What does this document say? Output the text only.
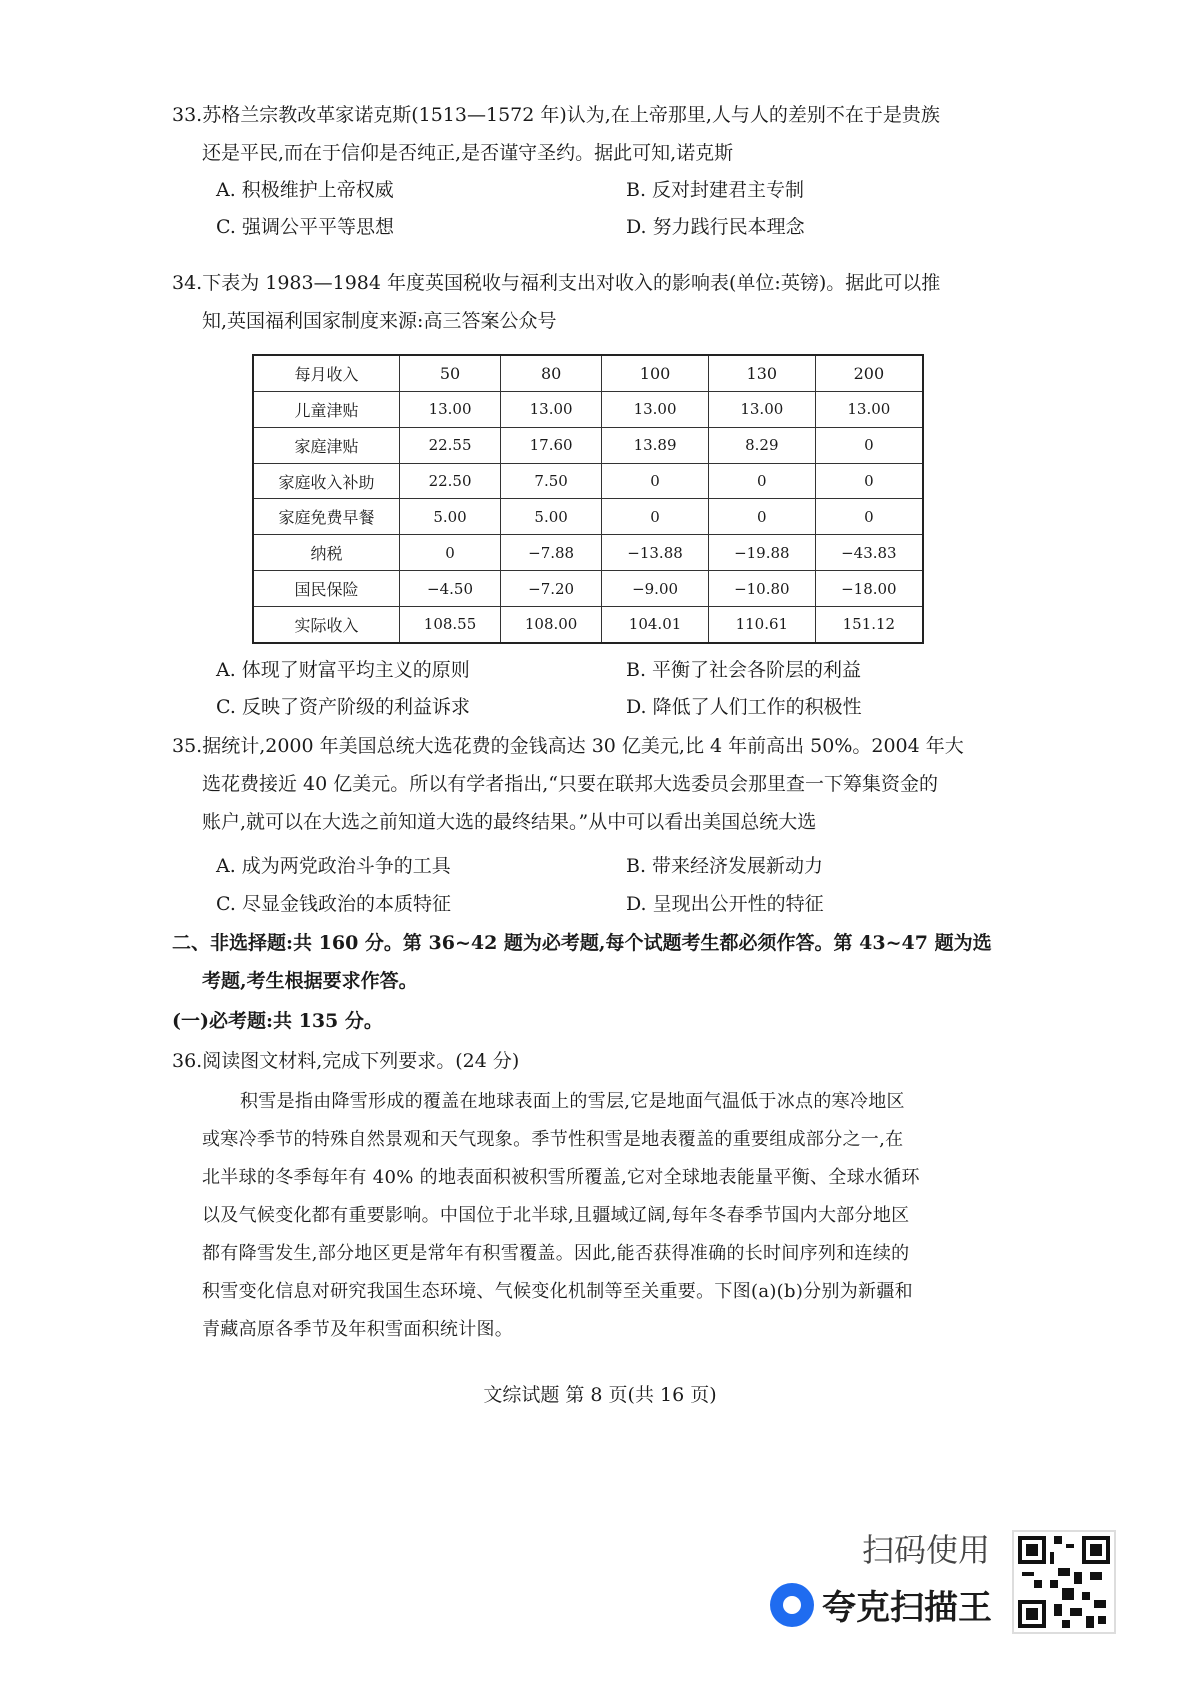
33.苏格兰宗教改革家诺克斯(1513—1572 年)认为,在上帝那里,人与人的差别不在于是贵族
还是平民,而在于信仰是否纯正,是否谨守圣约。据此可知,诺克斯
A. 积极维护上帝权威	B. 反对封建君主专制
C. 强调公平平等思想	D. 努力践行民本理念
34.下表为 1983—1984 年度英国税收与福利支出对收入的影响表(单位:英镑)。据此可以推
知,英国福利国家制度来源:高三答案公众号
每月收入	50	80	100	130	200
儿童津贴	13.00	13.00	13.00	13.00	13.00
家庭津贴	22.55	17.60	13.89	8.29	0
家庭收入补助	22.50	7.50	0	0	0
家庭免费早餐	5.00	5.00	0	0	0
纳税	0	−7.88	−13.88	−19.88	−43.83
国民保险	−4.50	−7.20	−9.00	−10.80	−18.00
实际收入	108.55	108.00	104.01	110.61	151.12
A. 体现了财富平均主义的原则	B. 平衡了社会各阶层的利益
C. 反映了资产阶级的利益诉求	D. 降低了人们工作的积极性
35.据统计,2000 年美国总统大选花费的金钱高达 30 亿美元,比 4 年前高出 50%。2004 年大
选花费接近 40 亿美元。所以有学者指出,“只要在联邦大选委员会那里查一下筹集资金的
账户,就可以在大选之前知道大选的最终结果。”从中可以看出美国总统大选
A. 成为两党政治斗争的工具	B. 带来经济发展新动力
C. 尽显金钱政治的本质特征	D. 呈现出公开性的特征
二、非选择题:共 160 分。第 36~42 题为必考题,每个试题考生都必须作答。第 43~47 题为选
考题,考生根据要求作答。
(一)必考题:共 135 分。
36.阅读图文材料,完成下列要求。(24 分)
积雪是指由降雪形成的覆盖在地球表面上的雪层,它是地面气温低于冰点的寒冷地区
或寒冷季节的特殊自然景观和天气现象。季节性积雪是地表覆盖的重要组成部分之一,在
北半球的冬季每年有 40% 的地表面积被积雪所覆盖,它对全球地表能量平衡、全球水循环
以及气候变化都有重要影响。中国位于北半球,且疆域辽阔,每年冬春季节国内大部分地区
都有降雪发生,部分地区更是常年有积雪覆盖。因此,能否获得准确的长时间序列和连续的
积雪变化信息对研究我国生态环境、气候变化机制等至关重要。下图(a)(b)分别为新疆和
青藏高原各季节及年积雪面积统计图。
文综试题 第 8 页(共 16 页)
扫码使用
夸克扫描王
